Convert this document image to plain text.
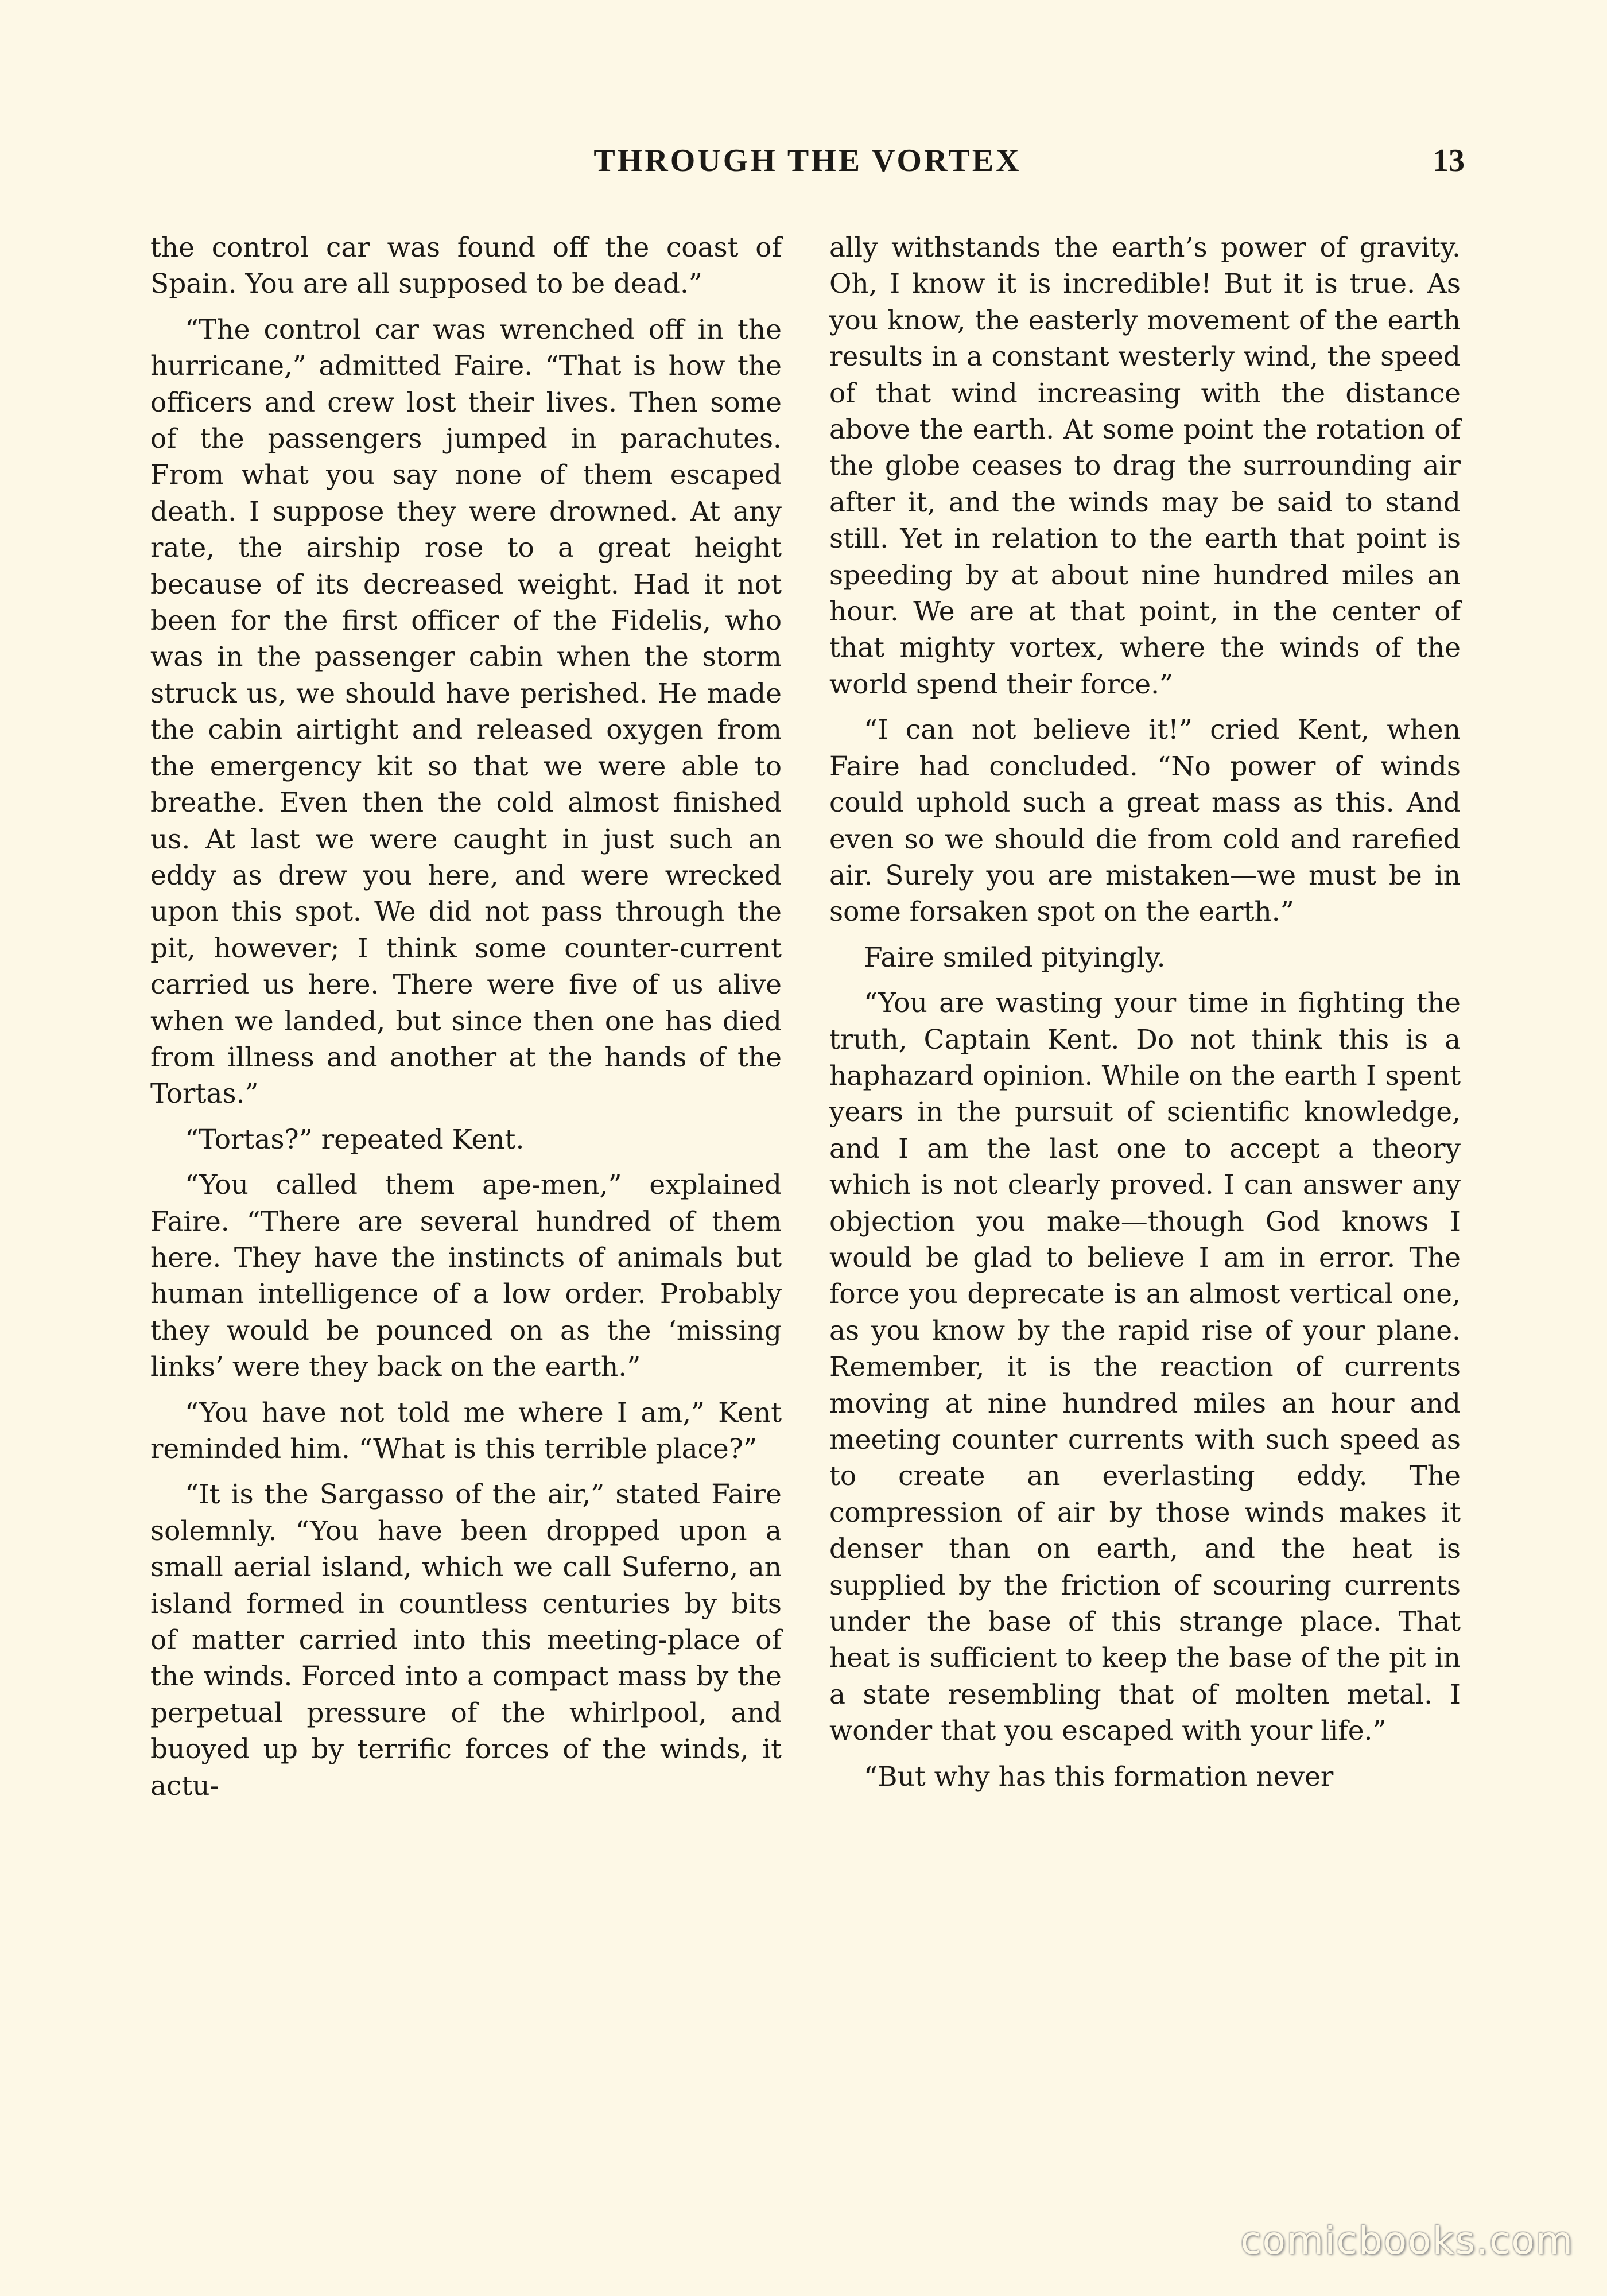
THROUGH THE VORTEX	13

the control car was found off the coast of Spain. You are all supposed to be dead.”

“The control car was wrenched off in the hurricane,” admitted Faire. “That is how the officers and crew lost their lives. Then some of the passengers jumped in parachutes. From what you say none of them escaped death. I suppose they were drowned. At any rate, the airship rose to a great height because of its decreased weight. Had it not been for the first officer of the Fidelis, who was in the passenger cabin when the storm struck us, we should have perished. He made the cabin airtight and released oxygen from the emergency kit so that we were able to breathe. Even then the cold almost finished us. At last we were caught in just such an eddy as drew you here, and were wrecked upon this spot. We did not pass through the pit, however; I think some counter-current carried us here. There were five of us alive when we landed, but since then one has died from illness and another at the hands of the Tortas.”

“Tortas?” repeated Kent.

“You called them ape-men,” explained Faire. “There are several hundred of them here. They have the instincts of animals but human intelligence of a low order. Probably they would be pounced on as the ‘missing links’ were they back on the earth.”

“You have not told me where I am,” Kent reminded him. “What is this terrible place?”

“It is the Sargasso of the air,” stated Faire solemnly. “You have been dropped upon a small aerial island, which we call Suferno, an island formed in countless centuries by bits of matter carried into this meeting-place of the winds. Forced into a compact mass by the perpetual pressure of the whirlpool, and buoyed up by terrific forces of the winds, it actu-

ally withstands the earth’s power of gravity. Oh, I know it is incredible! But it is true. As you know, the easterly movement of the earth results in a constant westerly wind, the speed of that wind increasing with the distance above the earth. At some point the rotation of the globe ceases to drag the surrounding air after it, and the winds may be said to stand still. Yet in relation to the earth that point is speeding by at about nine hundred miles an hour. We are at that point, in the center of that mighty vortex, where the winds of the world spend their force.”

“I can not believe it!” cried Kent, when Faire had concluded. “No power of winds could uphold such a great mass as this. And even so we should die from cold and rarefied air. Surely you are mistaken—we must be in some forsaken spot on the earth.”

Faire smiled pityingly.

“You are wasting your time in fighting the truth, Captain Kent. Do not think this is a haphazard opinion. While on the earth I spent years in the pursuit of scientific knowledge, and I am the last one to accept a theory which is not clearly proved. I can answer any objection you make—though God knows I would be glad to believe I am in error. The force you deprecate is an almost vertical one, as you know by the rapid rise of your plane. Remember, it is the reaction of currents moving at nine hundred miles an hour and meeting counter currents with such speed as to create an everlasting eddy. The compression of air by those winds makes it denser than on earth, and the heat is supplied by the friction of scouring currents under the base of this strange place. That heat is sufficient to keep the base of the pit in a state resembling that of molten metal. I wonder that you escaped with your life.”

“But why has this formation never

comicbooks.com
